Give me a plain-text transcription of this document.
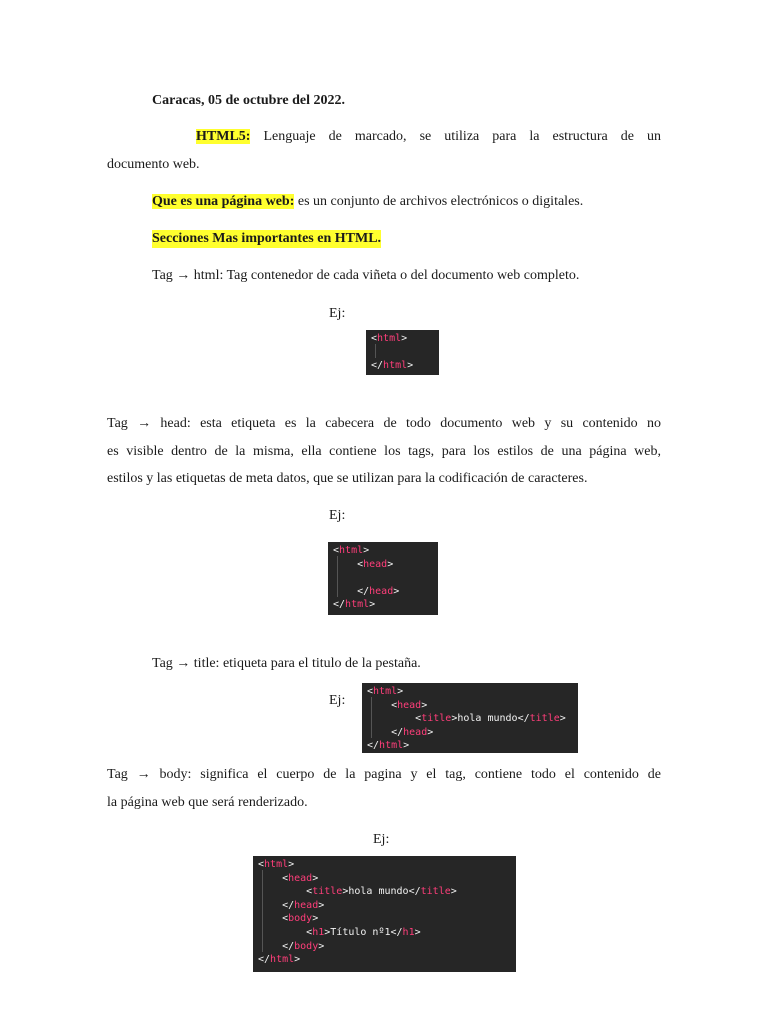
Caracas, 05 de octubre del 2022.
HTML5: Lenguaje de marcado, se utiliza para la estructura de un
documento web.
Que es una página web: es un conjunto de archivos electrónicos o digitales.
Secciones Mas importantes en HTML.
Tag → html: Tag contenedor de cada viñeta o del documento web completo.
Ej:
<html>
</html>
Tag → head: esta etiqueta es la cabecera de todo documento web y su contenido no
es visible dentro de la misma, ella contiene los tags, para los estilos de una página web,
estilos y las etiquetas de meta datos, que se utilizan para la codificación de caracteres.
Ej:
<html>
<head>
</head>
</html>
Tag → title: etiqueta para el titulo de la pestaña.
Ej:
<html>
<head>
<title>hola mundo</title>
</head>
</html>
Tag → body: significa el cuerpo de la pagina y el tag, contiene todo el contenido de
la página web que será renderizado.
Ej:
<html>
<head>
<title>hola mundo</title>
</head>
<body>
<h1>Título nº1</h1>
</body>
</html>
